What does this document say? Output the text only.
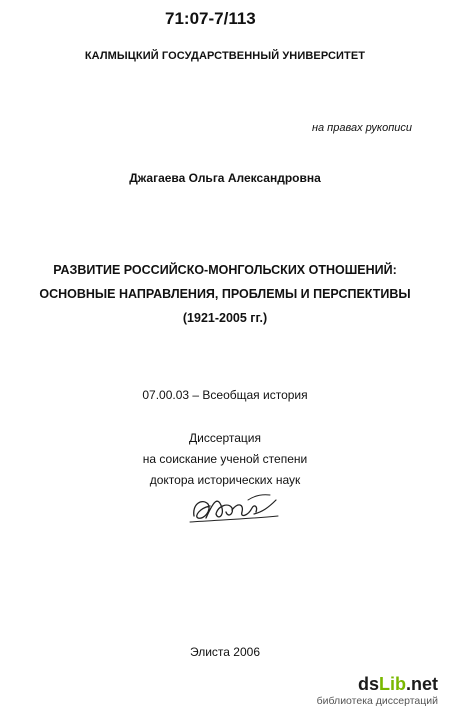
71:07-7/113
КАЛМЫЦКИЙ ГОСУДАРСТВЕННЫЙ УНИВЕРСИТЕТ
на правах рукописи
Джагаева Ольга Александровна
РАЗВИТИЕ РОССИЙСКО-МОНГОЛЬСКИХ ОТНОШЕНИЙ:
ОСНОВНЫЕ НАПРАВЛЕНИЯ, ПРОБЛЕМЫ И ПЕРСПЕКТИВЫ
(1921-2005 гг.)
07.00.03 – Всеобщая история
Диссертация
на соискание ученой степени
доктора исторических наук
Элиста 2006
dsLib.net
библиотека диссертаций
